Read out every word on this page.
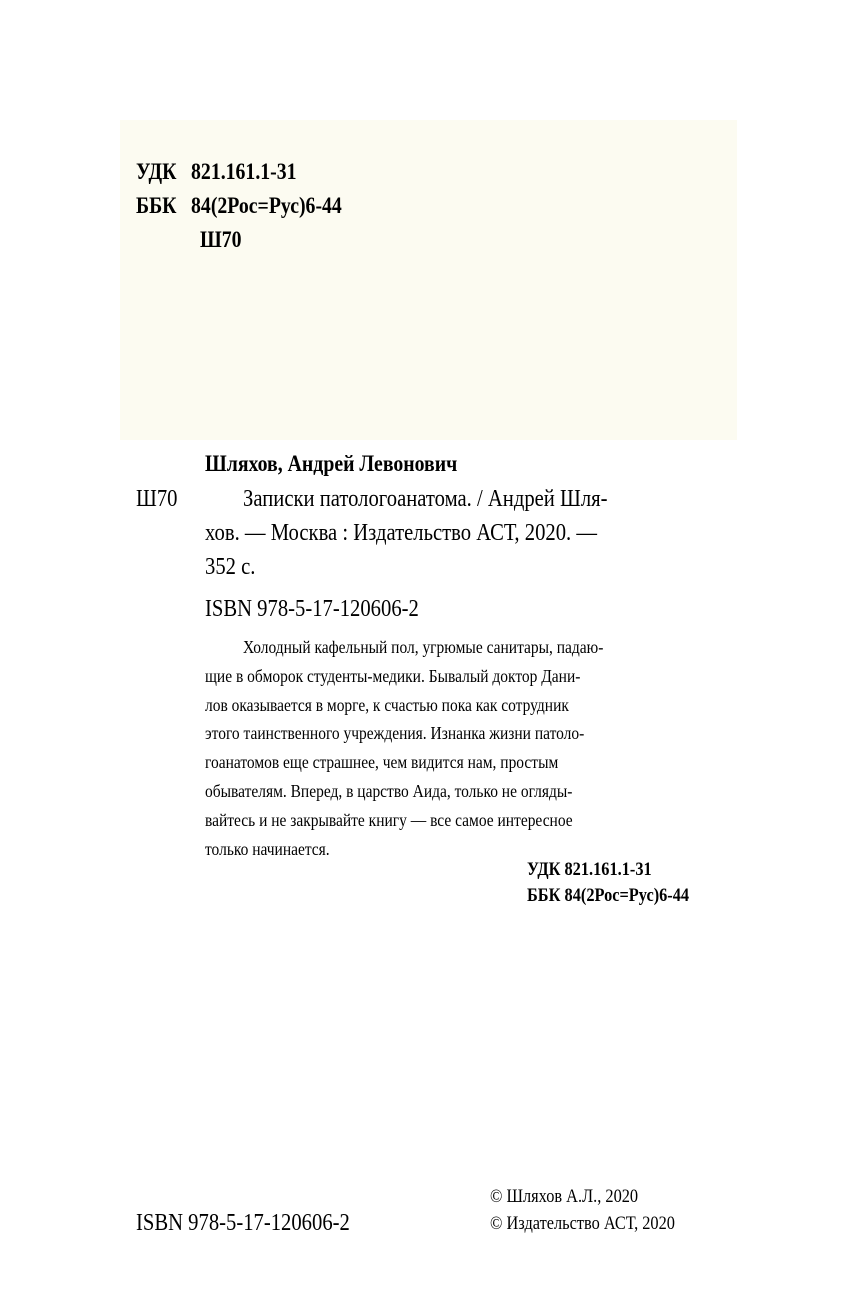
УДК 821.161.1-31
ББК 84(2Рос=Рус)6-44
Ш70
Шляхов, Андрей Левонович
Ш70	Записки патологоанатома. / Андрей Шля-
хов. — Москва : Издательство АСТ, 2020. —
352 с.
ISBN 978-5-17-120606-2
Холодный кафельный пол, угрюмые санитары, падаю-
щие в обморок студенты-медики. Бывалый доктор Дани-
лов оказывается в морге, к счастью пока как сотрудник
этого таинственного учреждения. Изнанка жизни патоло-
гоанатомов еще страшнее, чем видится нам, простым
обывателям. Вперед, в царство Аида, только не огляды-
вайтесь и не закрывайте книгу — все самое интересное
только начинается.
УДК 821.161.1-31
ББК 84(2Рос=Рус)6-44
ISBN 978-5-17-120606-2
© Шляхов А.Л., 2020
© Издательство АСТ, 2020
